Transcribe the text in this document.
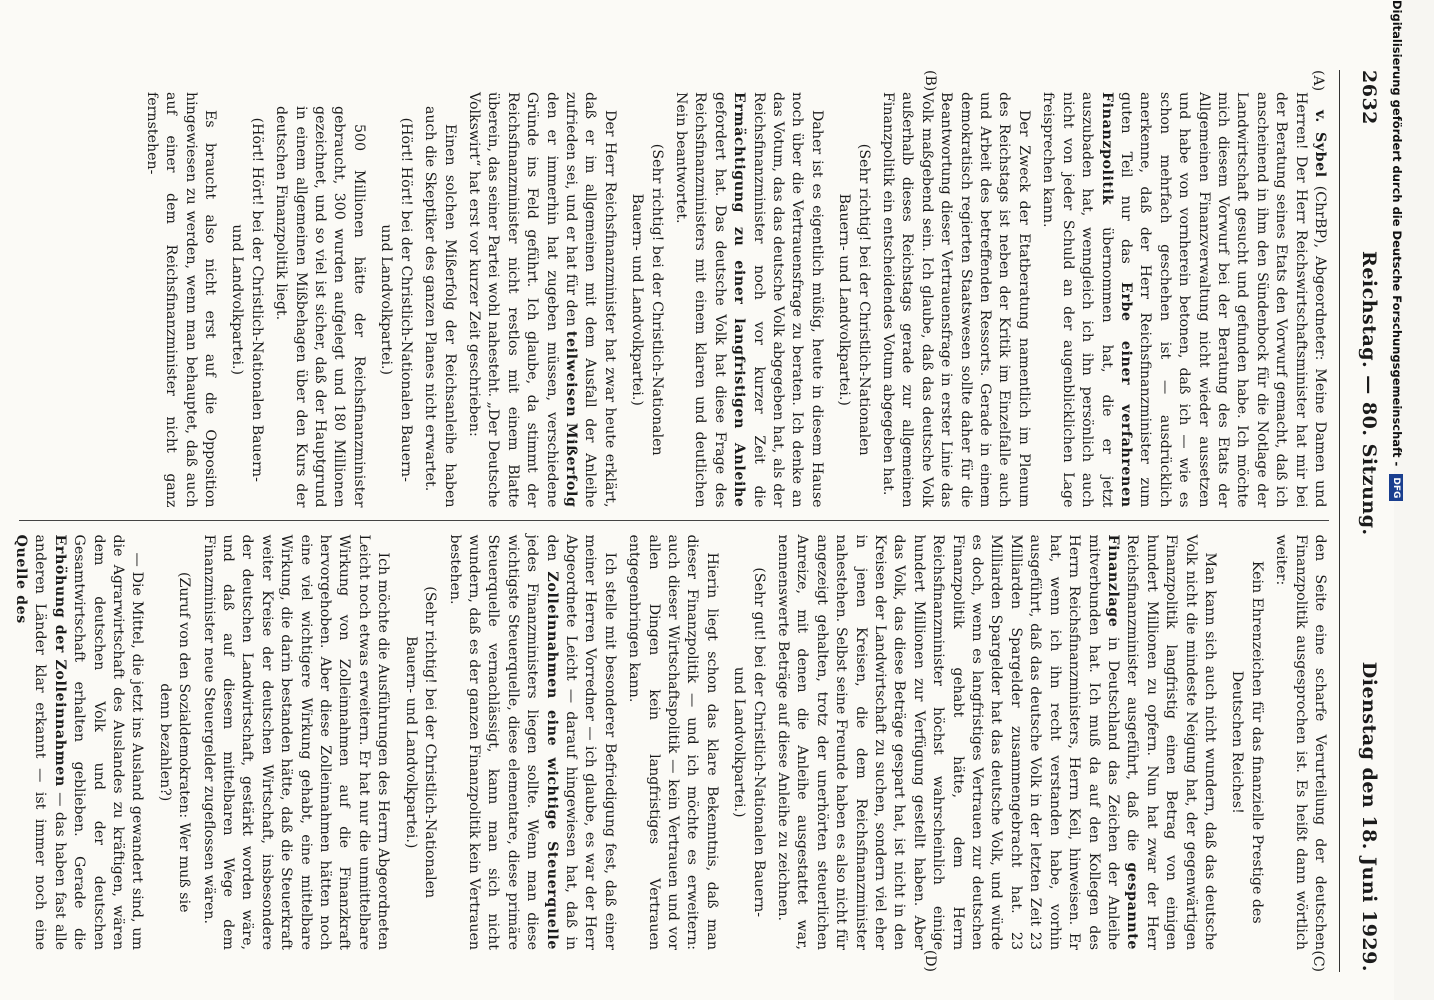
2632
Reichstag. — 80. Sitzung.
Dienstag den 18. Juni 1929.
(A)
(B)

v. Sybel (ChrBP), Abgeordneter: Meine Damen und Herren! Der Herr Reichswirtschaftsminister hat mir bei der Beratung seines Etats den Vorwurf gemacht, daß ich anscheinend in ihm den Sündenbock für die Notlage der Landwirtschaft gesucht und gefunden habe. Ich möchte mich diesem Vorwurf bei der Beratung des Etats der Allgemeinen Finanzverwaltung nicht wieder aussetzen und habe von vornherein betonen, daß ich — wie es schon mehrfach geschehen ist — ausdrücklich anerkenne, daß der Herr Reichsfinanzminister zum guten Teil nur das Erbe einer verfahrenen Finanzpolitik übernommen hat, die er jetzt auszubaden hat, wenngleich ich ihn persönlich auch nicht von jeder Schuld an der augenblicklichen Lage freisprechen kann.

Der Zweck der Etatberatung namentlich im Plenum des Reichstags ist neben der Kritik im Einzelfalle auch und Arbeit des betreffenden Ressorts. Gerade in einem demokratisch regierten Staatswesen sollte daher für die Beantwortung dieser Vertrauensfrage in erster Linie das Volk maßgebend sein. Ich glaube, daß das deutsche Volk außerhalb dieses Reichstags gerade zur allgemeinen Finanzpolitik ein entscheidendes Votum abgegeben hat.

(Sehr richtig! bei der Christlich-Nationalen Bauern- und Landvolkpartei.)

Daher ist es eigentlich müßig, heute in diesem Hause noch über die Vertrauensfrage zu beraten. Ich denke an das Votum, das das deutsche Volk abgegeben hat, als der Reichsfinanzminister noch vor kurzer Zeit die Ermächtigung zu einer langfristigen Anleihe gefordert hat. Das deutsche Volk hat diese Frage des Reichsfinanzministers mit einem klaren und deutlichen Nein beantwortet.

(Sehr richtig! bei der Christlich-Nationalen Bauern- und Landvolkpartei.)

Der Herr Reichsfinanzminister hat zwar heute erklärt, daß er im allgemeinen mit dem Ausfall der Anleihe zufrieden sei, und er hat für den teilweisen Mißerfolg den er immerhin hat zugeben müssen, verschiedene Gründe ins Feld geführt. Ich glaube, da stimmt der Reichsfinanzminister nicht restlos mit einem Blatte überein, das seiner Partei wohl nahesteht. „Der Deutsche Volkswirt“ hat erst vor kurzer Zeit geschrieben:

Einen solchen Mißerfolg der Reichsanleihe haben auch die Skeptiker des ganzen Planes nicht erwartet.

(Hört! Hört! bei der Christlich-Nationalen Bauern- und Landvolkpartei.)

500 Millionen hätte der Reichsfinanzminister gebraucht, 300 wurden aufgelegt und 180 Millionen gezeichnet, und so viel ist sicher, daß der Hauptgrund in einem allgemeinen Mißbehagen über den Kurs der deutschen Finanzpolitik liegt.

(Hört! Hört! bei der Christlich-Nationalen Bauern- und Landvolkpartei.)

Es braucht also nicht erst auf die Opposition hingewiesen zu werden, wenn man behauptet, daß auch auf einer dem Reichsfinanzminister nicht ganz fernstehen-

(C)
(D)

den Seite eine scharfe Verurteilung der deutschen Finanzpolitik ausgesprochen ist. Es heißt dann wörtlich weiter:

Kein Ehrenzeichen für das finanzielle Prestige des Deutschen Reiches!

Man kann sich auch nicht wundern, daß das deutsche Volk nicht die mindeste Neigung hat, der gegenwärtigen Finanzpolitik langfristig einen Betrag von einigen hundert Millionen zu opfern. Nun hat zwar der Herr Reichsfinanzminister ausgeführt, daß die gespannte Finanzlage in Deutschland das Zeichen der Anleihe mitverbunden hat. Ich muß da auf den Kollegen des Herrn Reichsfinanzministers, Herrn Keil, hinweisen. Er hat, wenn ich ihn recht verstanden habe, vorhin ausgeführt, daß das deutsche Volk in der letzten Zeit 23 Milliarden Spargelder zusammengebracht hat. 23 Milliarden Spargelder hat das deutsche Volk, und würde es doch, wenn es langfristiges Vertrauen zur deutschen Finanzpolitik gehabt hätte, dem Herrn Reichsfinanzminister höchst wahrscheinlich einige hundert Millionen zur Verfügung gestellt haben. Aber das Volk, das diese Beträge gespart hat, ist nicht in den Kreisen der Landwirtschaft zu suchen, sondern viel eher in jenen Kreisen, die dem Reichsfinanzminister nahestehen. Selbst seine Freunde haben es also nicht für angezeigt gehalten, trotz der unerhörten steuerlichen Anreize, mit denen die Anleihe ausgestattet war, nennenswerte Beträge auf diese Anleihe zu zeichnen.

(Sehr gut! bei der Christlich-Nationalen Bauern- und Landvolkpartei.)

Hierin liegt schon das klare Bekenntnis, daß man dieser Finanzpolitik — und ich möchte es erweitern: auch dieser Wirtschaftspolitik — kein Vertrauen und vor allen Dingen kein langfristiges Vertrauen entgegenbringen kann.

Ich stelle mit besonderer Befriedigung fest, daß einer meiner Herren Vorredner — ich glaube, es war der Herr Abgeordnete Leicht — darauf hingewiesen hat, daß in den Zolleinnahmen eine wichtige Steuerquelle jedes Finanzministers liegen sollte. Wenn man diese wichtigste Steuerquelle, diese elementare, diese primäre Steuerquelle vernachlässigt, kann man sich nicht wundern, daß es der ganzen Finanzpolitik kein Vertrauen bestehen.

(Sehr richtig! bei der Christlich-Nationalen Bauern- und Landvolkpartei.)

Ich möchte die Ausführungen des Herrn Abgeordneten Leicht noch etwas erweitern. Er hat nur die unmittelbare Wirkung von Zolleinnahmen auf die Finanzkraft hervorgehoben. Aber diese Zolleinnahmen hätten noch eine viel wichtigere Wirkung gehabt, eine mittelbare Wirkung, die darin bestanden hätte, daß die Steuerkraft weiter Kreise der deutschen Wirtschaft, insbesondere der deutschen Landwirtschaft, gestärkt worden wäre, und daß auf diesem mittelbaren Wege dem Finanzminister neue Steuergelder zugeflossen wären.

(Zuruf von den Sozialdemokraten: Wer muß sie denn bezahlen?)

— Die Mittel, die jetzt ins Ausland gewandert sind, um die Agrarwirtschaft des Auslandes zu kräftigen, wären dem deutschen Volk und der deutschen Gesamtwirtschaft erhalten geblieben. Gerade die Erhöhung der Zolleinnahmen — das haben fast alle anderen Länder klar erkannt — ist immer noch eine Quelle des

Digitalisierung gefördert durch die Deutsche Forschungsgemeinschaft - DFG
